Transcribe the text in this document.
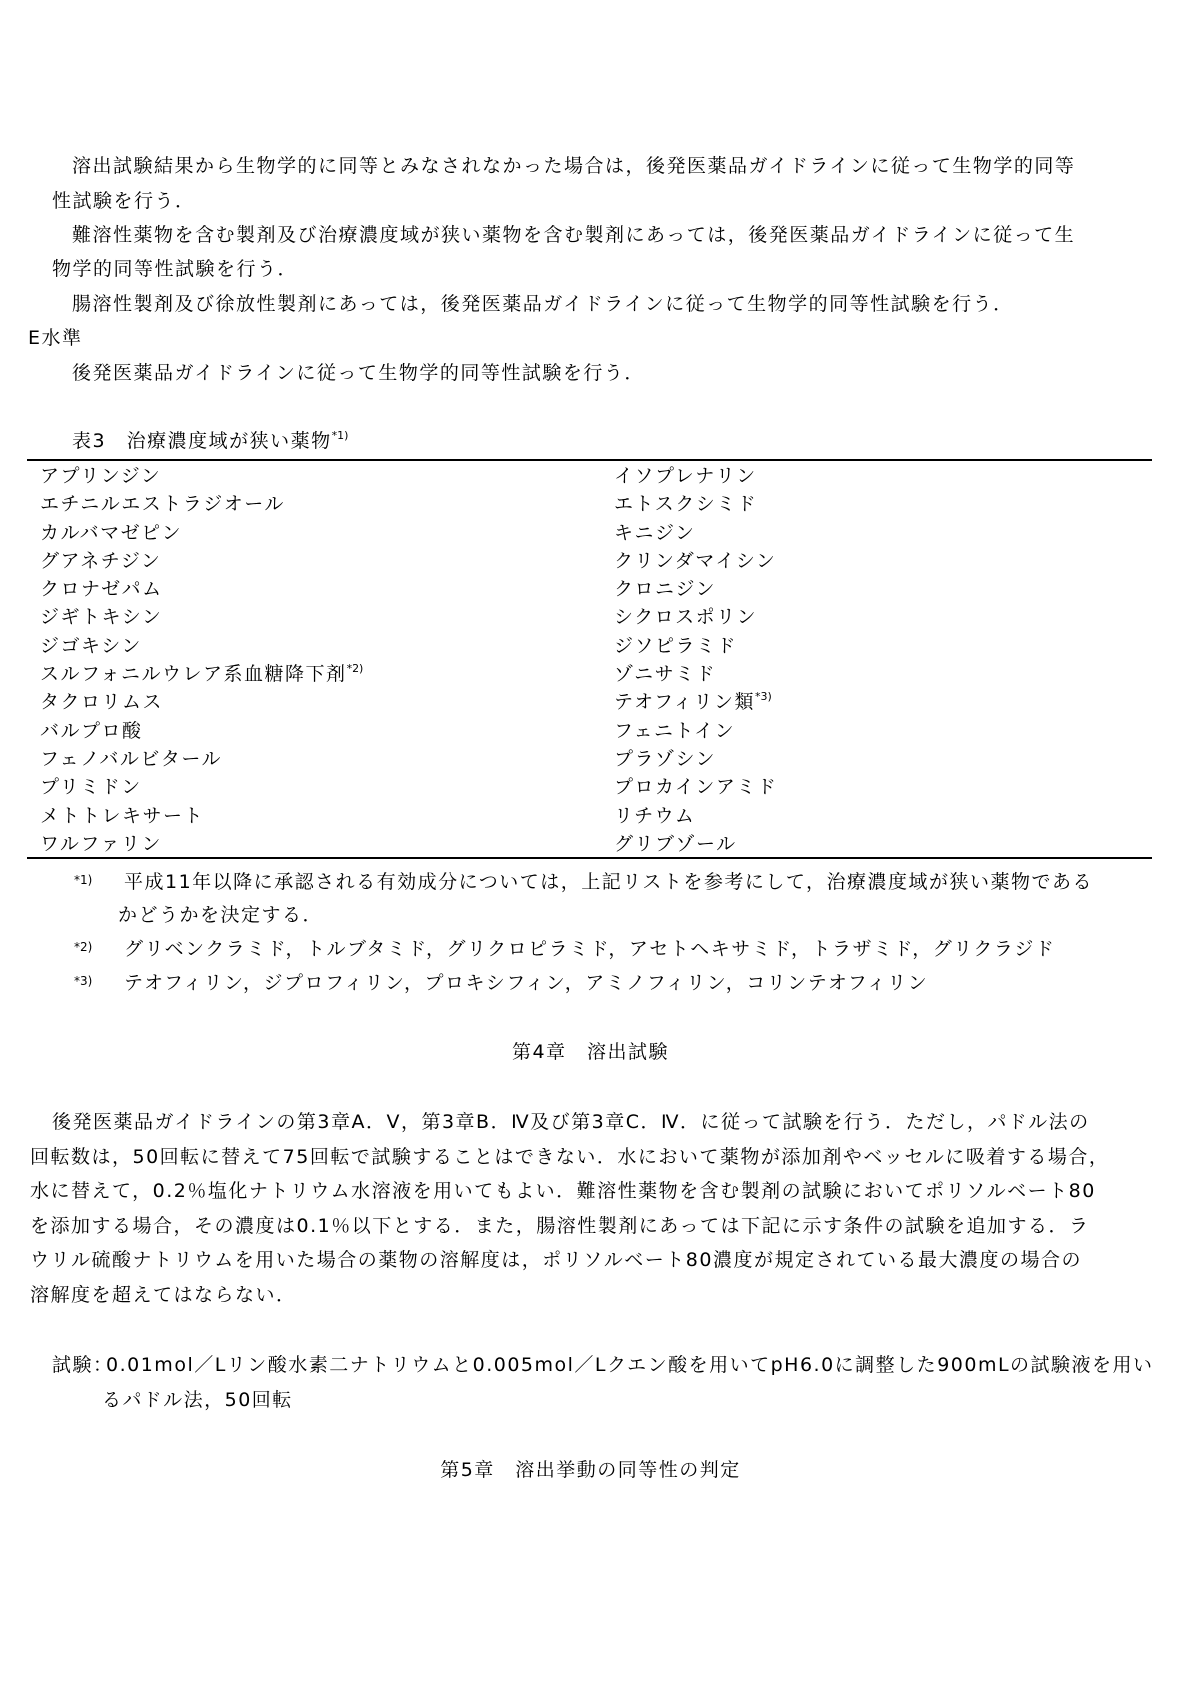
溶出試験結果から生物学的に同等とみなされなかった場合は，後発医薬品ガイドラインに従って生物学的同等
性試験を行う．
難溶性薬物を含む製剤及び治療濃度域が狭い薬物を含む製剤にあっては，後発医薬品ガイドラインに従って生
物学的同等性試験を行う．
腸溶性製剤及び徐放性製剤にあっては，後発医薬品ガイドラインに従って生物学的同等性試験を行う．
E水準
後発医薬品ガイドラインに従って生物学的同等性試験を行う．
表3　治療濃度域が狭い薬物$^{*1)}$
アプリンジン
エチニルエストラジオール
カルバマゼピン
グアネチジン
クロナゼパム
ジギトキシン
ジゴキシン
スルフォニルウレア系血糖降下剤$^{*2)}$
タクロリムス
バルプロ酸
フェノバルビタール
プリミドン
メトトレキサート
ワルファリン
イソプレナリン
エトスクシミド
キニジン
クリンダマイシン
クロニジン
シクロスポリン
ジソピラミド
ゾニサミド
テオフィリン類$^{*3)}$
フェニトイン
プラゾシン
プロカインアミド
リチウム
グリブゾール
*1) 平成11年以降に承認される有効成分については，上記リストを参考にして，治療濃度域が狭い薬物である
かどうかを決定する．
*2) グリベンクラミド，トルブタミド，グリクロピラミド，アセトヘキサミド，トラザミド，グリクラジド
*3) テオフィリン，ジプロフィリン，プロキシフィン，アミノフィリン，コリンテオフィリン
第4章　溶出試験
後発医薬品ガイドラインの第3章A．Ⅴ，第3章B．Ⅳ及び第3章C．Ⅳ．に従って試験を行う．ただし，パドル法の
回転数は，50回転に替えて75回転で試験することはできない．水において薬物が添加剤やベッセルに吸着する場合，
水に替えて，0.2％塩化ナトリウム水溶液を用いてもよい．難溶性薬物を含む製剤の試験においてポリソルベート80
を添加する場合，その濃度は0.1％以下とする．また，腸溶性製剤にあっては下記に示す条件の試験を追加する．ラ
ウリル硫酸ナトリウムを用いた場合の薬物の溶解度は，ポリソルベート80濃度が規定されている最大濃度の場合の
溶解度を超えてはならない．
試験：
0.01mol／Lリン酸水素二ナトリウムと0.005mol／Lクエン酸を用いてpH6.0に調整した900mLの試験液を用い
るパドル法，50回転
第5章　溶出挙動の同等性の判定
